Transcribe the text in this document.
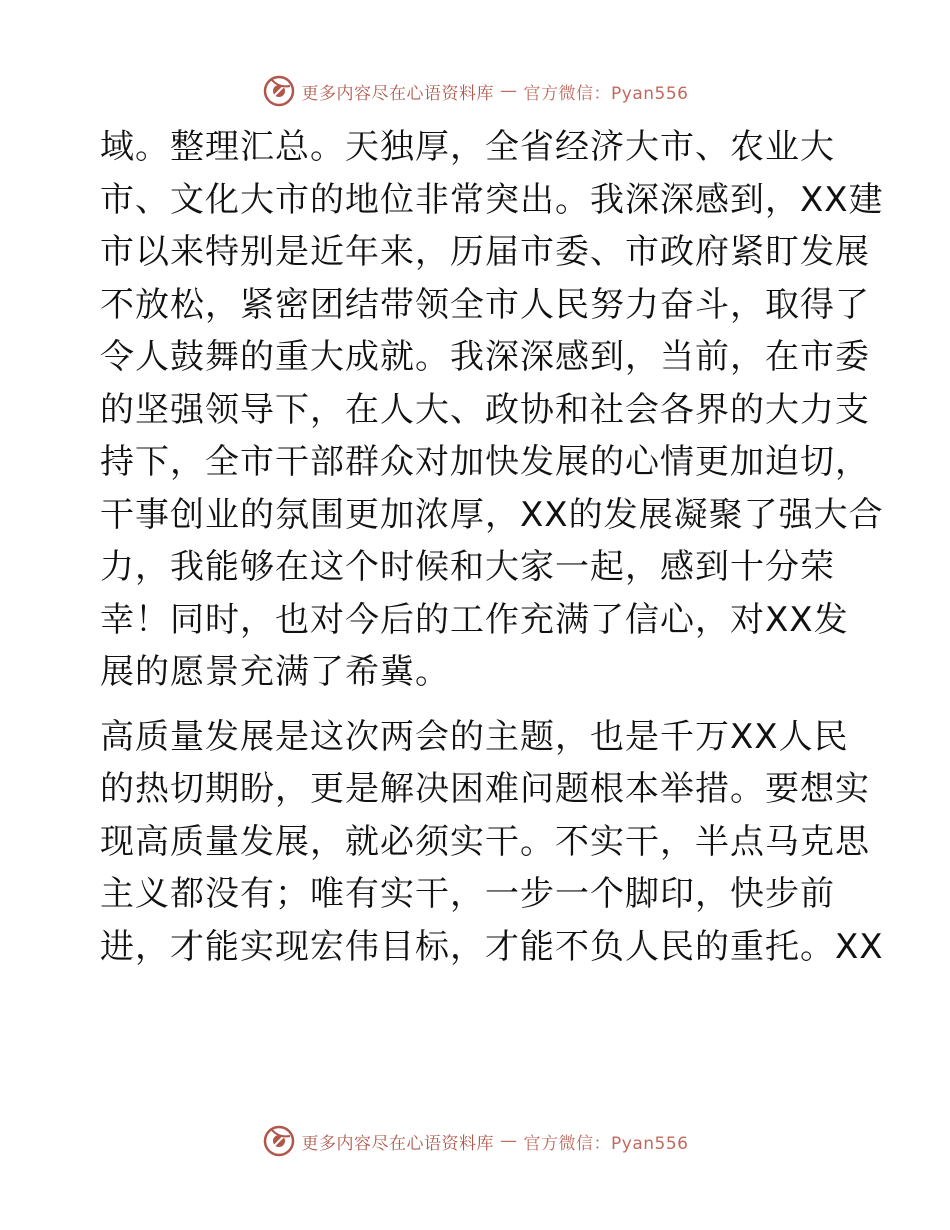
更多内容尽在心语资料库 — 官方微信：Pyan556
域。整理汇总。天独厚，全省经济大市、农业大
市、文化大市的地位非常突出。我深深感到，XX建
市以来特别是近年来，历届市委、市政府紧盯发展
不放松，紧密团结带领全市人民努力奋斗，取得了
令人鼓舞的重大成就。我深深感到，当前，在市委
的坚强领导下，在人大、政协和社会各界的大力支
持下，全市干部群众对加快发展的心情更加迫切，
干事创业的氛围更加浓厚，XX的发展凝聚了强大合
力，我能够在这个时候和大家一起，感到十分荣
幸！同时，也对今后的工作充满了信心，对XX发
展的愿景充满了希冀。
高质量发展是这次两会的主题，也是千万XX人民
的热切期盼，更是解决困难问题根本举措。要想实
现高质量发展，就必须实干。不实干，半点马克思
主义都没有；唯有实干，一步一个脚印，快步前
进，才能实现宏伟目标，才能不负人民的重托。XX
更多内容尽在心语资料库 — 官方微信：Pyan556
